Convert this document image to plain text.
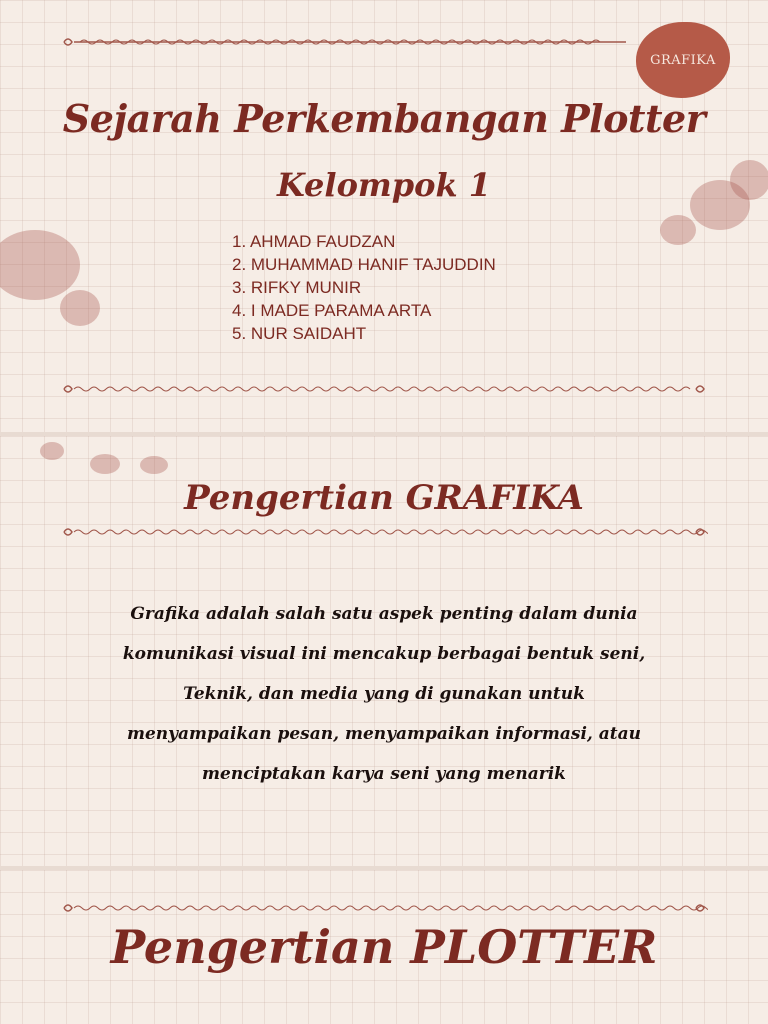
GRAFIKA
Sejarah Perkembangan Plotter
Kelompok 1
1. AHMAD FAUDZAN
2. MUHAMMAD HANIF TAJUDDIN
3. RIFKY MUNIR
4. I MADE PARAMA ARTA
5. NUR SAIDAHT
Pengertian GRAFIKA

Grafika adalah salah satu aspek penting dalam dunia komunikasi visual ini mencakup berbagai bentuk seni, Teknik, dan media yang di gunakan untuk menyampaikan pesan, menyampaikan informasi, atau menciptakan karya seni yang menarik

Pengertian PLOTTER
